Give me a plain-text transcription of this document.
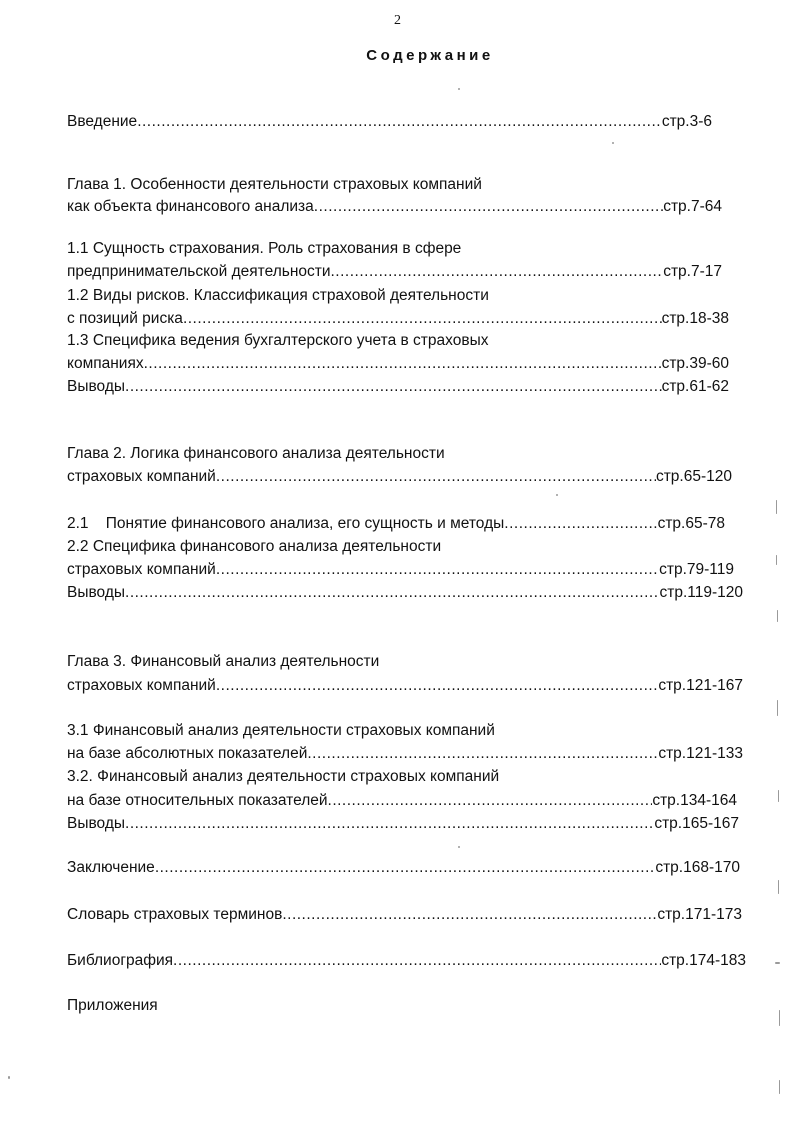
2
Содержание
Введение .....	стр.3-6
Глава 1. Особенности деятельности страховых компаний
как объекта финансового анализа .....	стр.7-64
1.1 Сущность страхования. Роль страхования в сфере
предпринимательской деятельности .....	стр.7-17
1.2 Виды рисков. Классификация страховой деятельности
с позиций риска .....	стр.18-38
1.3 Специфика ведения бухгалтерского учета в страховых
компаниях .....	стр.39-60
Выводы .....	стр.61-62
Глава 2. Логика финансового анализа деятельности
страховых компаний .....	стр.65-120
2.1    Понятие финансового анализа, его сущность и методы .....	стр.65-78
2.2 Специфика финансового анализа деятельности
страховых компаний .....	стр.79-119
Выводы .....	стр.119-120
Глава 3. Финансовый анализ деятельности
страховых компаний .....	стр.121-167
3.1 Финансовый анализ деятельности страховых компаний
на базе абсолютных показателей .....	стр.121-133
3.2. Финансовый анализ деятельности страховых компаний
на базе относительных показателей .....	стр.134-164
Выводы .....	стр.165-167
Заключение .....	стр.168-170
Словарь страховых терминов .....	стр.171-173
Библиография .....	стр.174-183
Приложения
